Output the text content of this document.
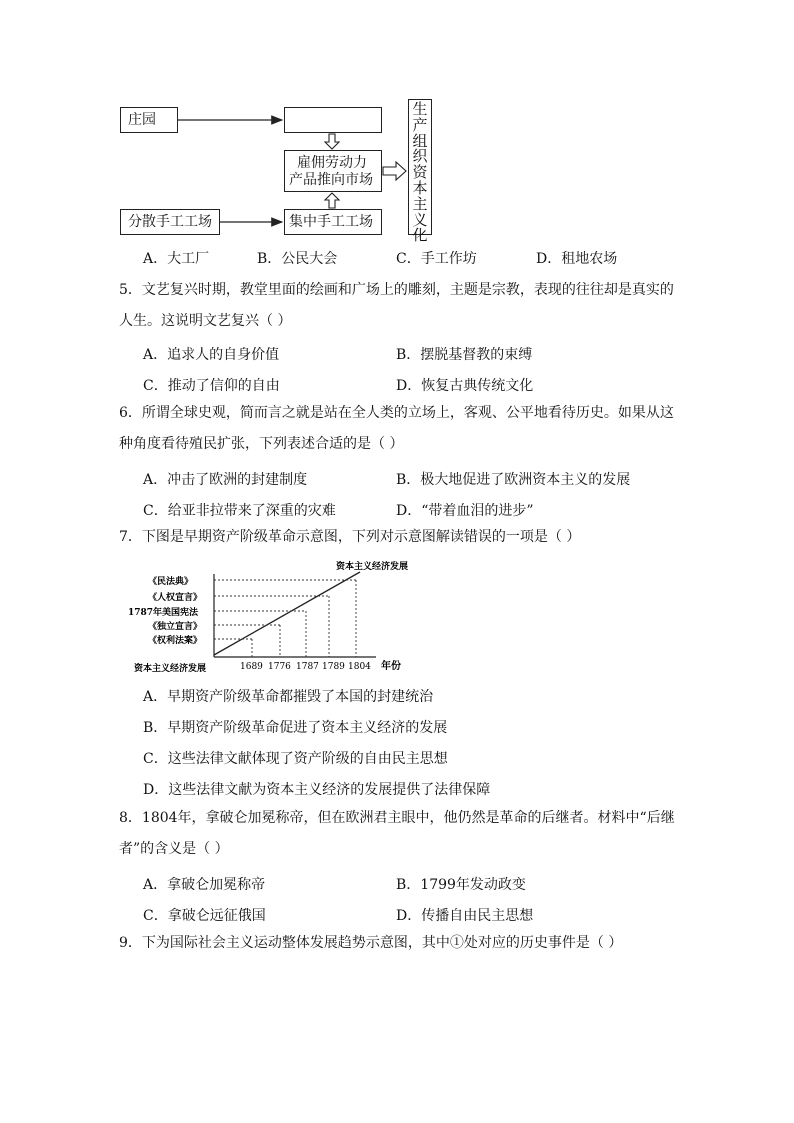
庄园
雇佣劳动力
产品推向市场
分散手工工场	集中手工工场
生产组织资本主义化
A．大工厂	B．公民大会	C．手工作坊	D．租地农场
5．文艺复兴时期，教堂里面的绘画和广场上的雕刻，主题是宗教，表现的往往却是真实的
人生。这说明文艺复兴（ ）
A．追求人的自身价值	B．摆脱基督教的束缚
C．推动了信仰的自由	D．恢复古典传统文化
6．所谓全球史观，简而言之就是站在全人类的立场上，客观、公平地看待历史。如果从这
种角度看待殖民扩张，下列表述合适的是（ ）
A．冲击了欧洲的封建制度	B．极大地促进了欧洲资本主义的发展
C．给亚非拉带来了深重的灾难	D．“带着血泪的进步”
7．下图是早期资产阶级革命示意图，下列对示意图解读错误的一项是（ ）
资本主义经济发展
资本主义经济发展	年份
《民法典》
《人权宣言》
1787年美国宪法
《独立宣言》
《权利法案》
1689 1776 1787 1789 1804
A．早期资产阶级革命都摧毁了本国的封建统治
B．早期资产阶级革命促进了资本主义经济的发展
C．这些法律文献体现了资产阶级的自由民主思想
D．这些法律文献为资本主义经济的发展提供了法律保障
8．1804年，拿破仑加冕称帝，但在欧洲君主眼中，他仍然是革命的后继者。材料中“后继
者”的含义是（ ）
A．拿破仑加冕称帝	B．1799年发动政变
C．拿破仑远征俄国	D．传播自由民主思想
9．下为国际社会主义运动整体发展趋势示意图，其中①处对应的历史事件是（ ）
